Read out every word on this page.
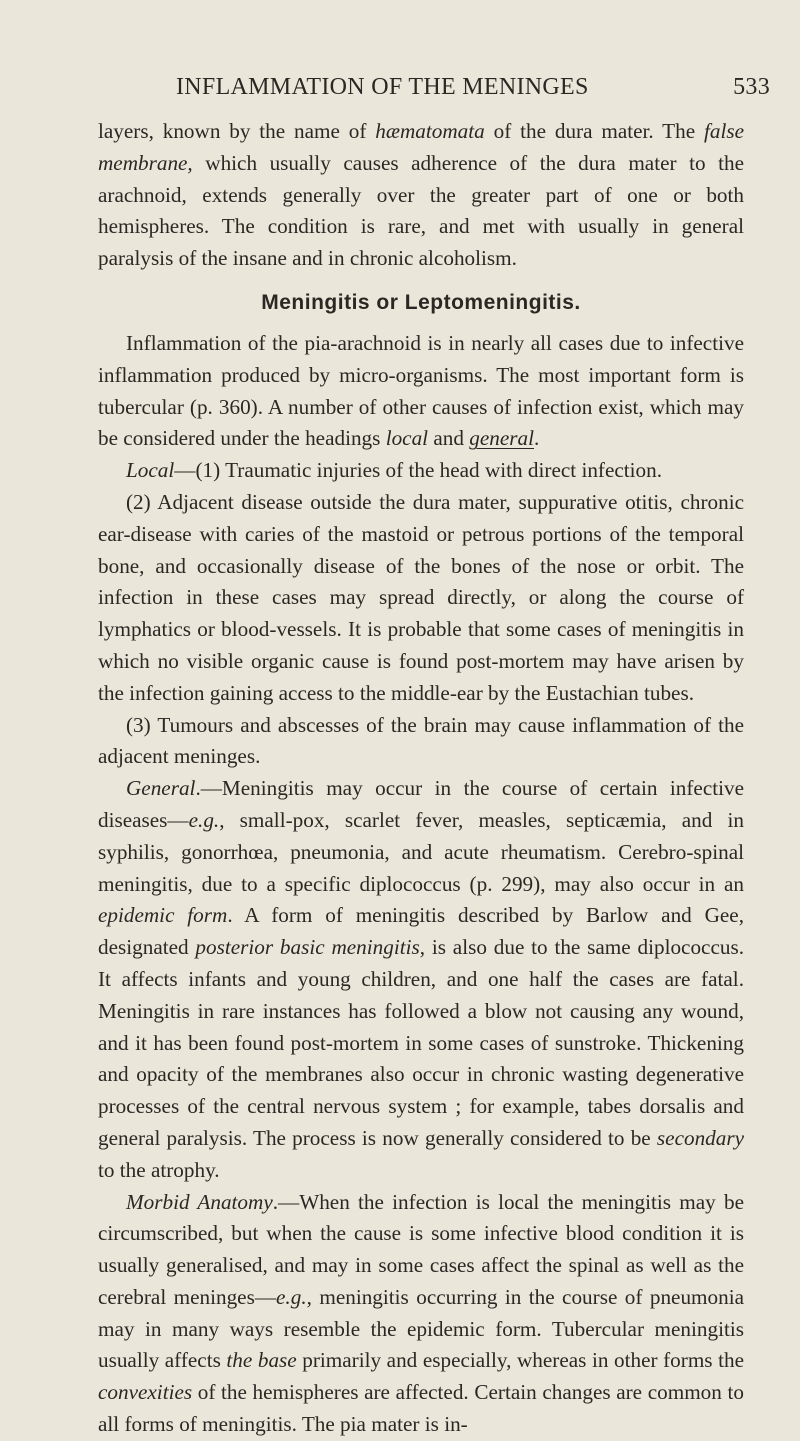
INFLAMMATION OF THE MENINGES	533

layers, known by the name of hæmatomata of the dura mater. The false membrane, which usually causes adherence of the dura mater to the arachnoid, extends generally over the greater part of one or both hemispheres. The condition is rare, and met with usually in general paralysis of the insane and in chronic alcoholism.

Meningitis or Leptomeningitis.

Inflammation of the pia-arachnoid is in nearly all cases due to infective inflammation produced by micro-organisms. The most important form is tubercular (p. 360). A number of other causes of infection exist, which may be considered under the headings local and general.

Local—(1) Traumatic injuries of the head with direct infection.

(2) Adjacent disease outside the dura mater, suppurative otitis, chronic ear-disease with caries of the mastoid or petrous portions of the temporal bone, and occasionally disease of the bones of the nose or orbit. The infection in these cases may spread directly, or along the course of lymphatics or blood-vessels. It is probable that some cases of meningitis in which no visible organic cause is found post-mortem may have arisen by the infection gaining access to the middle-ear by the Eustachian tubes.

(3) Tumours and abscesses of the brain may cause inflammation of the adjacent meninges.

General.—Meningitis may occur in the course of certain infective diseases—e.g., small-pox, scarlet fever, measles, septicæmia, and in syphilis, gonorrhœa, pneumonia, and acute rheumatism. Cerebro-spinal meningitis, due to a specific diplococcus (p. 299), may also occur in an epidemic form. A form of meningitis described by Barlow and Gee, designated posterior basic meningitis, is also due to the same diplococcus. It affects infants and young children, and one half the cases are fatal. Meningitis in rare instances has followed a blow not causing any wound, and it has been found post-mortem in some cases of sunstroke. Thickening and opacity of the membranes also occur in chronic wasting degenerative processes of the central nervous system ; for example, tabes dorsalis and general paralysis. The process is now generally considered to be secondary to the atrophy.

Morbid Anatomy.—When the infection is local the meningitis may be circumscribed, but when the cause is some infective blood condition it is usually generalised, and may in some cases affect the spinal as well as the cerebral meninges—e.g., meningitis occurring in the course of pneumonia may in many ways resemble the epidemic form. Tubercular meningitis usually affects the base primarily and especially, whereas in other forms the convexities of the hemispheres are affected. Certain changes are common to all forms of meningitis. The pia mater is in-
